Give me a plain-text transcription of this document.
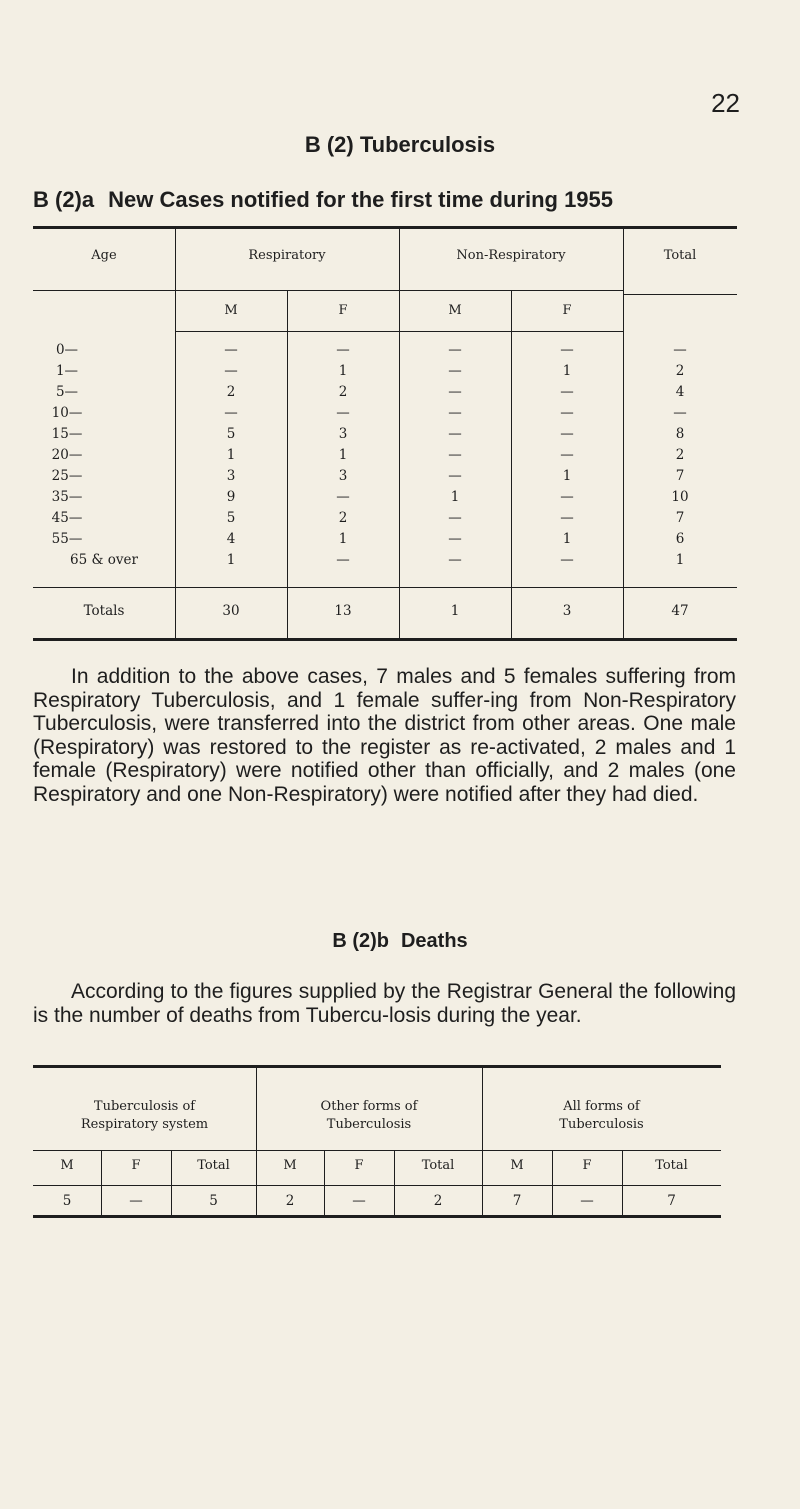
22
B (2) Tuberculosis
B (2)a New Cases notified for the first time during 1955
Age	Respiratory	Non-Respiratory	Total
M	F	M	F
0—	—	—	—	—	—
1—	—	1	—	1	2
5—	2	2	—	—	4
10—	—	—	—	—	—
15—	5	3	—	—	8
20—	1	1	—	—	2
25—	3	3	—	1	7
35—	9	—	1	—	10
45—	5	2	—	—	7
55—	4	1	—	1	6
65 & over	1	—	—	—	1
Totals	30	13	1	3	47
In addition to the above cases, 7 males and 5 females suffering from Respiratory Tuberculosis, and 1 female suffer-ing from Non-Respiratory Tuberculosis, were transferred into the district from other areas. One male (Respiratory) was restored to the register as re-activated, 2 males and 1 female (Respiratory) were notified other than officially, and 2 males (one Respiratory and one Non-Respiratory) were notified after they had died.
B (2)b Deaths
According to the figures supplied by the Registrar General the following is the number of deaths from Tubercu-losis during the year.
Tuberculosis of
Respiratory system
Other forms of
Tuberculosis
All forms of
Tuberculosis
M	F	Total	M	F	Total	M	F	Total
5	—	5	2	—	2	7	—	7
